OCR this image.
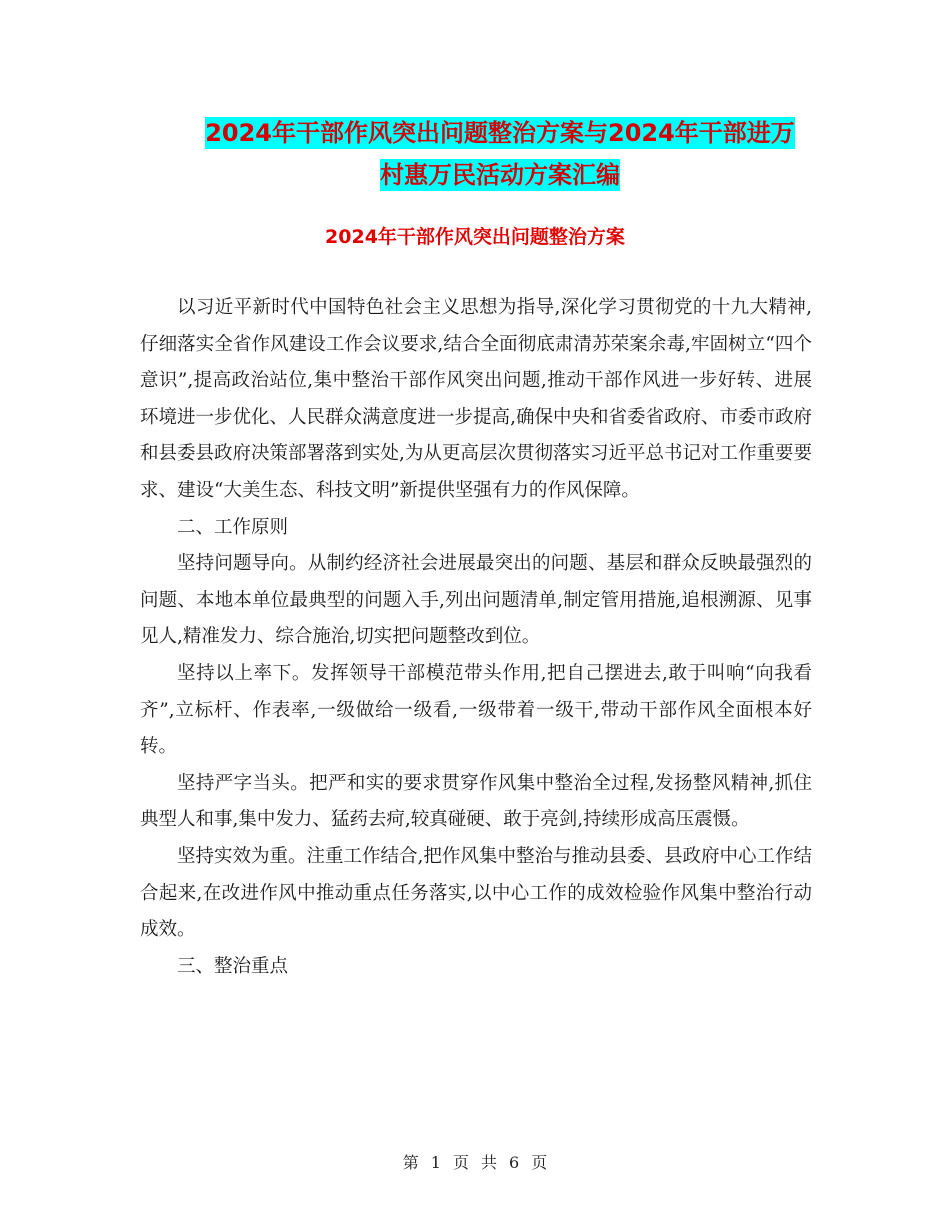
2024年干部作风突出问题整治方案与2024年干部进万
村惠万民活动方案汇编
2024年干部作风突出问题整治方案

以习近平新时代中国特色社会主义思想为指导,深化学习贯彻党的十九大精神,仔细落实全省作风建设工作会议要求,结合全面彻底肃清苏荣案余毒,牢固树立“四个意识”,提高政治站位,集中整治干部作风突出问题,推动干部作风进一步好转、进展环境进一步优化、人民群众满意度进一步提高,确保中央和省委省政府、市委市政府和县委县政府决策部署落到实处,为从更高层次贯彻落实习近平总书记对工作重要要求、建设“大美生态、科技文明”新提供坚强有力的作风保障。

二、工作原则

坚持问题导向。从制约经济社会进展最突出的问题、基层和群众反映最强烈的问题、本地本单位最典型的问题入手,列出问题清单,制定管用措施,追根溯源、见事见人,精准发力、综合施治,切实把问题整改到位。

坚持以上率下。发挥领导干部模范带头作用,把自己摆进去,敢于叫响“向我看齐”,立标杆、作表率,一级做给一级看,一级带着一级干,带动干部作风全面根本好转。

坚持严字当头。把严和实的要求贯穿作风集中整治全过程,发扬整风精神,抓住典型人和事,集中发力、猛药去疴,较真碰硬、敢于亮剑,持续形成高压震慑。

坚持实效为重。注重工作结合,把作风集中整治与推动县委、县政府中心工作结合起来,在改进作风中推动重点任务落实,以中心工作的成效检验作风集中整治行动成效。

三、整治重点

第 1 页 共 6 页
